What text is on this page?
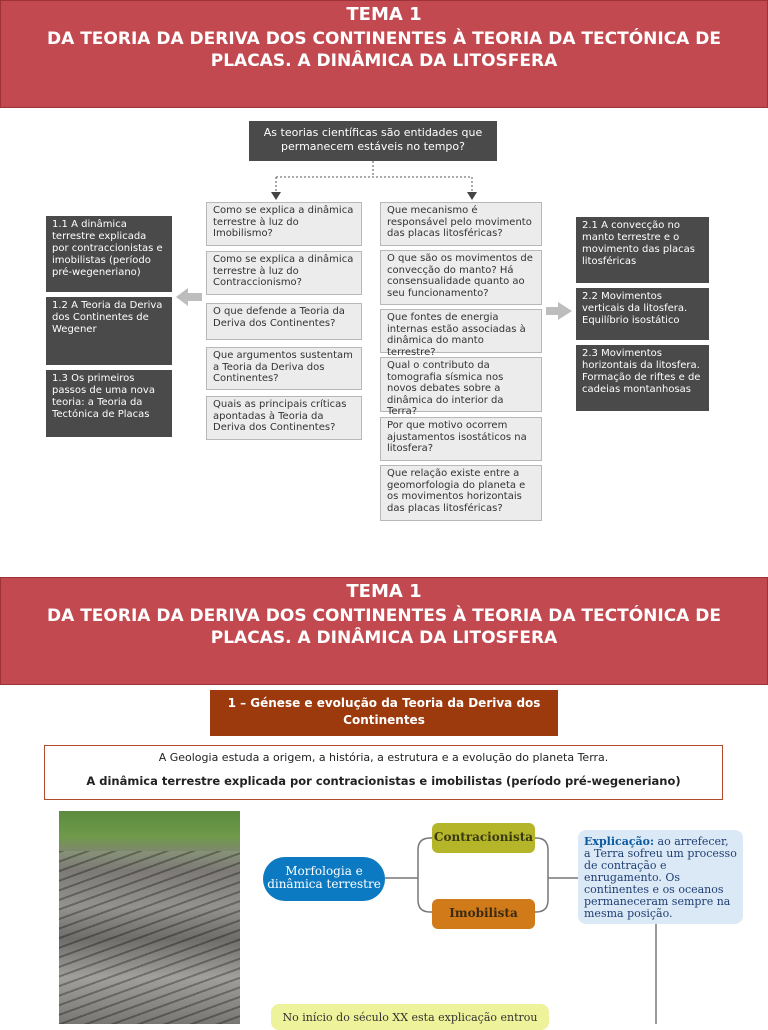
TEMA 1
DA TEORIA DA DERIVA DOS CONTINENTES À TEORIA DA TECTÓNICA DE PLACAS. A DINÂMICA DA LITOSFERA
As teorias científicas são entidades que permanecem estáveis no tempo?
1.1 A dinâmica terrestre explicada por contraccionistas e imobilistas (período pré-wegeneriano)
1.2 A Teoria da Deriva dos Continentes de Wegener
1.3 Os primeiros passos de uma nova teoria: a Teoria da Tectónica de Placas
Como se explica a dinâmica terrestre à luz do Imobilismo?
Como se explica a dinâmica terrestre à luz do Contraccionismo?
O que defende a Teoria da Deriva dos Continentes?
Que argumentos sustentam a Teoria da Deriva dos Continentes?
Quais as principais críticas apontadas à Teoria da Deriva dos Continentes?
Que mecanismo é responsável pelo movimento das placas litosféricas?
O que são os movimentos de convecção do manto? Há consensualidade quanto ao seu funcionamento?
Que fontes de energia internas estão associadas à dinâmica do manto terrestre?
Qual o contributo da tomografia sísmica nos novos debates sobre a dinâmica do interior da Terra?
Por que motivo ocorrem ajustamentos isostáticos na litosfera?
Que relação existe entre a geomorfologia do planeta e os movimentos horizontais das placas litosféricas?
2.1 A convecção no manto terrestre e o movimento das placas litosféricas
2.2 Movimentos verticais da litosfera. Equilíbrio isostático
2.3 Movimentos horizontais da litosfera. Formação de riftes e de cadeias montanhosas
TEMA 1
DA TEORIA DA DERIVA DOS CONTINENTES À TEORIA DA TECTÓNICA DE PLACAS. A DINÂMICA DA LITOSFERA
1 – Génese e evolução da Teoria da Deriva dos Continentes
A Geologia estuda a origem, a história, a estrutura e a evolução do planeta Terra.
A dinâmica terrestre explicada por contracionistas e imobilistas (período pré-wegeneriano)
Morfologia e dinâmica terrestre
Contracionista
Imobilista
Explicação: ao arrefecer, a Terra sofreu um processo de contração e enrugamento. Os continentes e os oceanos permaneceram sempre na mesma posição.
No início do século XX esta explicação entrou
